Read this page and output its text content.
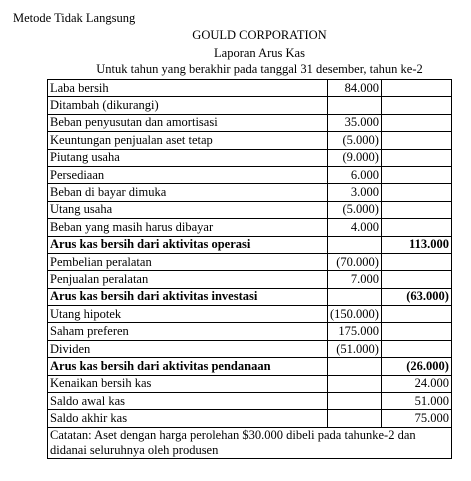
Metode Tidak Langsung
GOULD CORPORATION
Laporan Arus Kas
Untuk tahun yang berakhir pada tanggal 31 desember, tahun ke-2
Laba bersih	84.000	
Ditambah (dikurangi)		
Beban penyusutan dan amortisasi	35.000	
Keuntungan penjualan aset tetap	(5.000)	
Piutang usaha	(9.000)	
Persediaan	6.000	
Beban di bayar dimuka	3.000	
Utang usaha	(5.000)	
Beban yang masih harus dibayar	4.000	
Arus kas bersih dari aktivitas operasi		113.000
Pembelian peralatan	(70.000)	
Penjualan peralatan	7.000	
Arus kas bersih dari aktivitas investasi		(63.000)
Utang hipotek	(150.000)	
Saham preferen	175.000	
Dividen	(51.000)	
Arus kas bersih dari aktivitas pendanaan		(26.000)
Kenaikan bersih kas		24.000
Saldo awal kas		51.000
Saldo akhir kas		75.000
Catatan: Aset dengan harga perolehan $30.000 dibeli pada tahunke-2 dan didanai seluruhnya oleh produsen		
